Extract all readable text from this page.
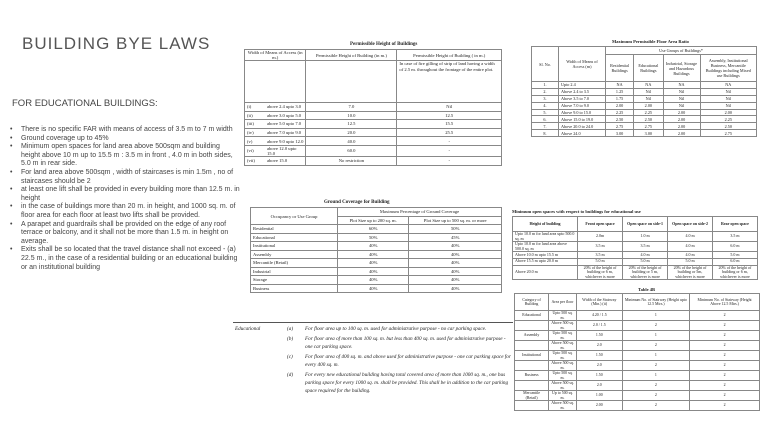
BUILDING BYE LAWS
FOR EDUCATIONAL BUILDINGS:
• There is no specific FAR with means of access of 3.5 m to 7 m width
• Ground coverage up to 45%
• Minimum open spaces for land area above 500sqm and building height above 10 m up to 15.5 m : 3.5 m in front , 4.0 m in both sides, 5.0 m in rear side.
• For land area above 500sqm , width of staircases is min 1.5m , no of staircases should be 2
• at least one lift shall be provided in every building more than 12.5 m. in height
• in the case of buildings more than 20 m. in height, and 1000 sq. m. of floor area for each floor at least two lifts shall be provided.
• A parapet and guardrails shall be provided on the edge of any roof terrace or balcony, and it shall not be more than 1.5 m. in height on average.
• Exits shall be so located that the travel distance shall not exceed - (a) 22.5 m., in the case of a residential building or an educational building or an institutional building
Permissible Height of Buildings
Width of Means of Access (in m.)		Permissible Height of Building (in m.)	Permissible Height of Building ( in m.)
			In case of fire gilling of strip of land having a width of 2.5 m. throughout the frontage of the entire plot.
(i)	above 2.4 upto 3.0	7.0	Nil
(ii)	above 3.0 upto 5.0	10.0	12.5
(iii)	above 5.0 upto 7.0	12.5	15.5
(iv)	above 7.0 upto 9.0	20.0	25.5
(v)	above 9.0 upto 12.0	40.0	-
(vi)	above 12.0 upto 15.0	60.0	-
(vii)	above 15.0	No restriction	-
Maximum Permissible Floor Area Ratio
Sl. No.	Width of Means of Access (m)	Use Groups of Buildings*			
		Residential Buildings	Educational Buildings	Industrial, Storage and Hazardous Buildings	Assembly, Institutional Business, Mercantile Buildings including Mixed use Buildings
1.	Upto 2.4	NA	NA	NA	NA
2.	Above 2.4 to 3.5	1.25	Nil	Nil	Nil
3.	Above 3.5 to 7.0	1.75	Nil	Nil	Nil
4.	Above 7.0 to 9.0	2.00	2.00	Nil	Nil
5.	Above 9.0 to 15.0	2.25	2.25	2.00	2.00
6.	Above 15.0 to 19.0	2.50	2.50	2.00	2.25
7.	Above 20.0 to 24.0	2.75	2.75	2.00	2.50
8.	Above 24.0	3.00	3.00	2.00	2.75
Ground Coverage for Building
Occupancy or Use Group	Maximum Percentage of Ground Coverage	
	Plot Size up to 200 sq. m.	Plot Size up to 500 sq. m. or more
Residential	60%	50%
Educational	50%	45%
Institutional	40%	40%
Assembly	40%	40%
Mercantile (Retail)	40%	40%
Industrial	40%	40%
Storage	40%	40%
Business	40%	40%
Minimum open spaces with respect to buildings for educational use
Height of building	Front open space	Open space on side-1	Open space on side-2	Rear open space
Upto 10.0 m for land area upto 500.0 sq. m	2.0m	1.0 m	4.0 m	3.5 m
Upto 10.0 m for land area above 500.0 sq. m	3.5 m	3.5 m	4.0 m	6.0 m
Above 10.0 m upto 15.5 m	3.5 m	4.0 m	4.0 m	5.0 m
Above 15.5 m upto 20.0 m	5.0 m	5.0 m	5.0 m	6.0 m
Above 20.0 m	20% of the height of building or 6 m, whichever is more	20% of the height of building or 5 m, whichever is more	20% of the height of building or 5m, whichever is more	20% of the height of building or 6 m, whichever is more
Table 4B
Category of Building	Area per floor	Width of the Stairway (Min.) (ii)	Minimum No. of Stairway (Height upto 12.5 Mtrs.)	Minimum No. of Stairway (Height Above 12.5 Mtrs.)
Educational	Upto 500 sq. m.	4.20 / 1.5	1	2
	Above 500 sq. m.	2.0 / 1.5	2	2
Assembly	Upto 500 sq. m.	1.50	1	2
	Above 500 sq. m.	2.0	2	2
Institutional	Upto 500 sq. m.	1.50	1	2
	Above 500 sq. m.	2.0	2	2
Business	Upto 500 sq. m.	1.50	1	2
	Above 500 sq. m.	2.0	2	2
Mercantile (Retail)	Up to 500 sq. m.	1.00	2	2
	Above 500 sq. m.	2.00	2	2
Educational	(a)	For floor area up to 100 sq. m. used for administrative purpose - no car parking space.
	(b)	For floor area of more than 100 sq. m. but less than 400 sq. m. used for administrative purpose - one car parking space.
	(c)	For floor area of 400 sq. m. and above used for administrative purpose - one car parking space for every 400 sq. m.
	(d)	For every new educational building having total covered area of more than 1000 sq. m., one bus parking space for every 1000 sq. m. shall be provided. This shall be in addition to the car parking space required for the building.
